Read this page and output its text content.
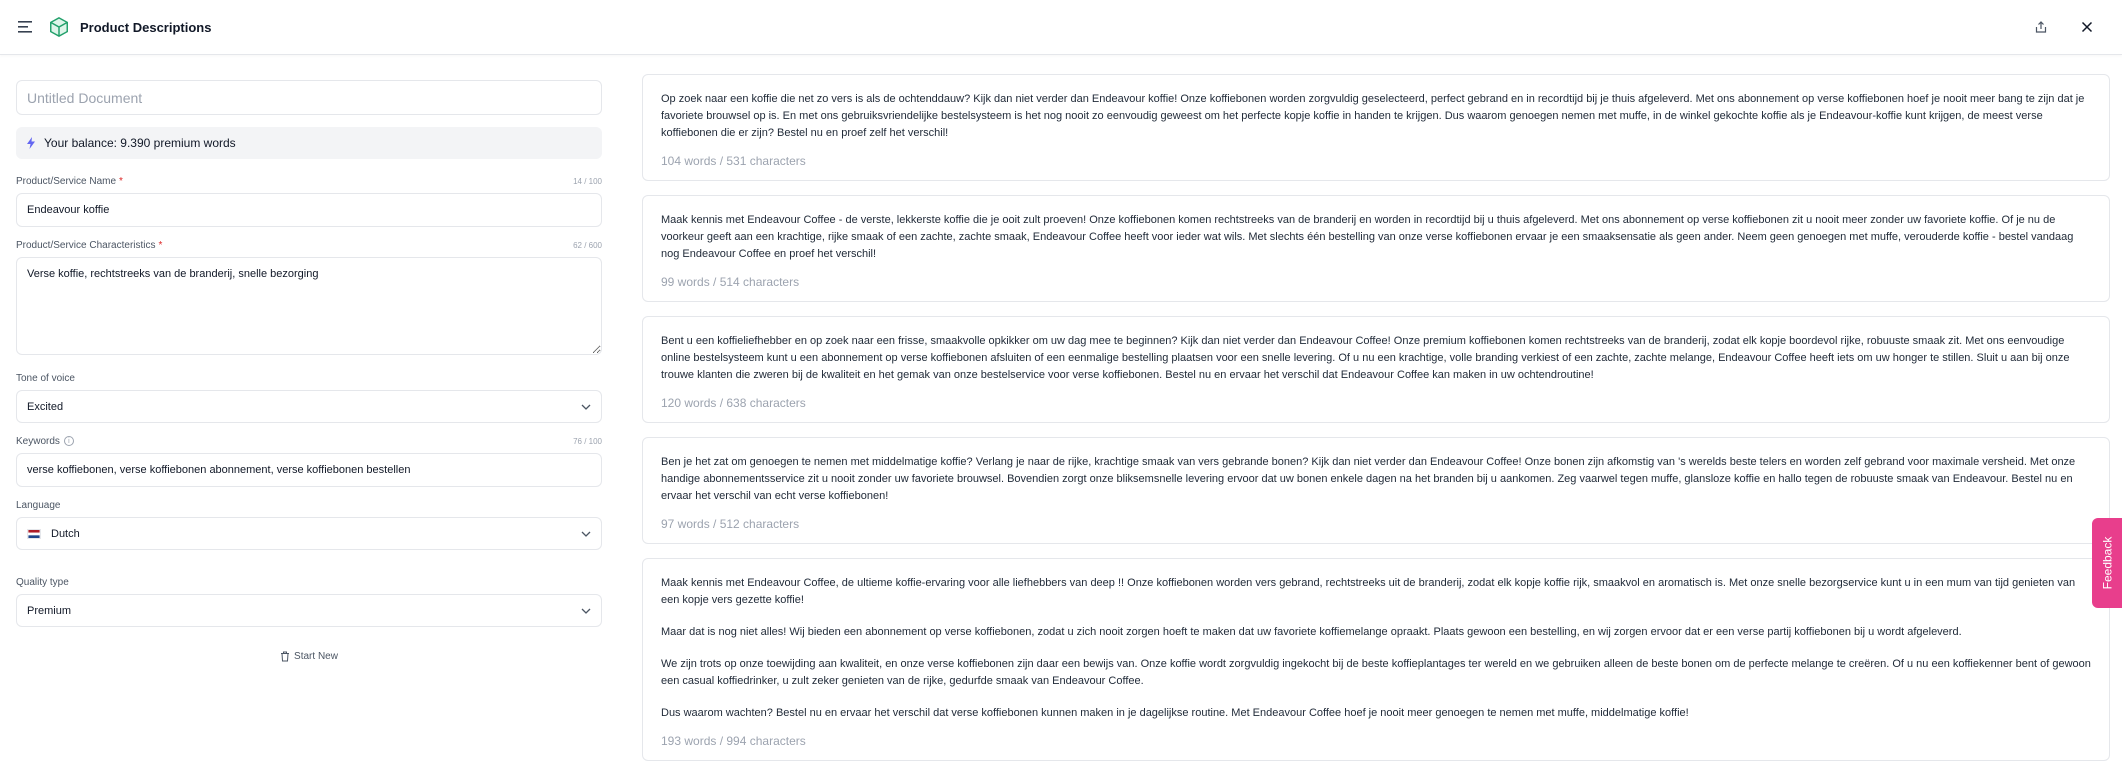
Product Descriptions
Untitled Document
Your balance: 9.390 premium words
Product/Service Name *	14 / 100
Endeavour koffie
Product/Service Characteristics *	62 / 600
Verse koffie, rechtstreeks van de branderij, snelle bezorging
Tone of voice
Excited
Keywords i	76 / 100
verse koffiebonen, verse koffiebonen abonnement, verse koffiebonen bestellen
Language
Dutch
Quality type
Premium
Start New

Op zoek naar een koffie die net zo vers is als de ochtenddauw? Kijk dan niet verder dan Endeavour koffie! Onze koffiebonen worden zorgvuldig geselecteerd, perfect gebrand en in recordtijd bij je thuis afgeleverd. Met ons abonnement op verse koffiebonen hoef je nooit meer bang te zijn dat je favoriete brouwsel op is. En met ons gebruiksvriendelijke bestelsysteem is het nog nooit zo eenvoudig geweest om het perfecte kopje koffie in handen te krijgen. Dus waarom genoegen nemen met muffe, in de winkel gekochte koffie als je Endeavour-koffie kunt krijgen, de meest verse koffiebonen die er zijn? Bestel nu en proef zelf het verschil!

104 words / 531 characters

Maak kennis met Endeavour Coffee - de verste, lekkerste koffie die je ooit zult proeven! Onze koffiebonen komen rechtstreeks van de branderij en worden in recordtijd bij u thuis afgeleverd. Met ons abonnement op verse koffiebonen zit u nooit meer zonder uw favoriete koffie. Of je nu de voorkeur geeft aan een krachtige, rijke smaak of een zachte, zachte smaak, Endeavour Coffee heeft voor ieder wat wils. Met slechts één bestelling van onze verse koffiebonen ervaar je een smaaksensatie als geen ander. Neem geen genoegen met muffe, verouderde koffie - bestel vandaag nog Endeavour Coffee en proef het verschil!

99 words / 514 characters

Bent u een koffieliefhebber en op zoek naar een frisse, smaakvolle opkikker om uw dag mee te beginnen? Kijk dan niet verder dan Endeavour Coffee! Onze premium koffiebonen komen rechtstreeks van de branderij, zodat elk kopje boordevol rijke, robuuste smaak zit. Met ons eenvoudige online bestelsysteem kunt u een abonnement op verse koffiebonen afsluiten of een eenmalige bestelling plaatsen voor een snelle levering. Of u nu een krachtige, volle branding verkiest of een zachte, zachte melange, Endeavour Coffee heeft iets om uw honger te stillen. Sluit u aan bij onze trouwe klanten die zweren bij de kwaliteit en het gemak van onze bestelservice voor verse koffiebonen. Bestel nu en ervaar het verschil dat Endeavour Coffee kan maken in uw ochtendroutine!

120 words / 638 characters

Ben je het zat om genoegen te nemen met middelmatige koffie? Verlang je naar de rijke, krachtige smaak van vers gebrande bonen? Kijk dan niet verder dan Endeavour Coffee! Onze bonen zijn afkomstig van 's werelds beste telers en worden zelf gebrand voor maximale versheid. Met onze handige abonnementsservice zit u nooit zonder uw favoriete brouwsel. Bovendien zorgt onze bliksemsnelle levering ervoor dat uw bonen enkele dagen na het branden bij u aankomen. Zeg vaarwel tegen muffe, glansloze koffie en hallo tegen de robuuste smaak van Endeavour. Bestel nu en ervaar het verschil van echt verse koffiebonen!

97 words / 512 characters

Maak kennis met Endeavour Coffee, de ultieme koffie-ervaring voor alle liefhebbers van deep !! Onze koffiebonen worden vers gebrand, rechtstreeks uit de branderij, zodat elk kopje koffie rijk, smaakvol en aromatisch is. Met onze snelle bezorgservice kunt u in een mum van tijd genieten van een kopje vers gezette koffie!

Maar dat is nog niet alles! Wij bieden een abonnement op verse koffiebonen, zodat u zich nooit zorgen hoeft te maken dat uw favoriete koffiemelange opraakt. Plaats gewoon een bestelling, en wij zorgen ervoor dat er een verse partij koffiebonen bij u wordt afgeleverd.

We zijn trots op onze toewijding aan kwaliteit, en onze verse koffiebonen zijn daar een bewijs van. Onze koffie wordt zorgvuldig ingekocht bij de beste koffieplantages ter wereld en we gebruiken alleen de beste bonen om de perfecte melange te creëren. Of u nu een koffiekenner bent of gewoon een casual koffiedrinker, u zult zeker genieten van de rijke, gedurfde smaak van Endeavour Coffee.

Dus waarom wachten? Bestel nu en ervaar het verschil dat verse koffiebonen kunnen maken in je dagelijkse routine. Met Endeavour Coffee hoef je nooit meer genoegen te nemen met muffe, middelmatige koffie!

193 words / 994 characters
Feedback
